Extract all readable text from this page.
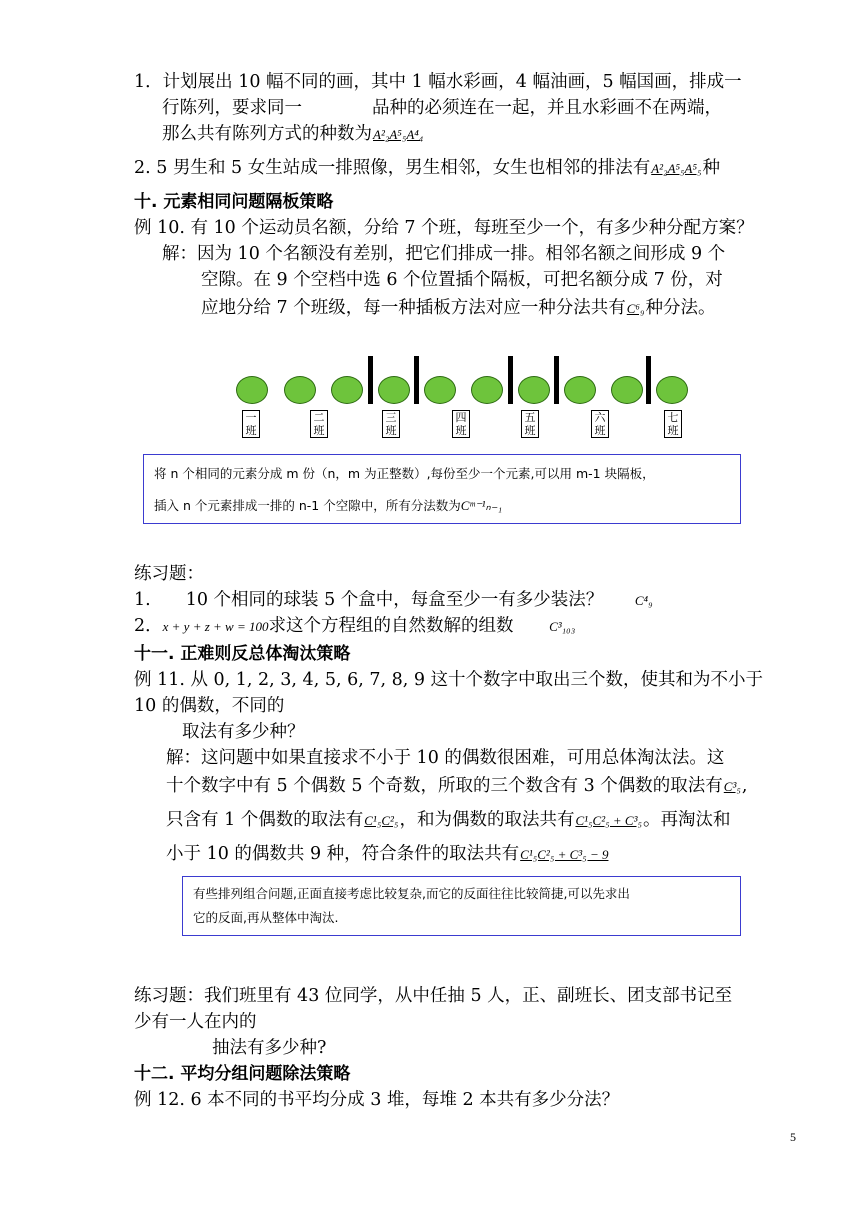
1．计划展出 10 幅不同的画，其中 1 幅水彩画，4 幅油画，5 幅国画，排成一
行陈列，要求同一　　　　品种的必须连在一起，并且水彩画不在两端，
那么共有陈列方式的种数为A²₂A⁵₅A⁴₄
2. 5 男生和 5 女生站成一排照像，男生相邻，女生也相邻的排法有A²₂A⁵₅A⁵₅种
十. 元素相同问题隔板策略
例 10. 有 10 个运动员名额，分给 7 个班，每班至少一个，有多少种分配方案？
解：因为 10 个名额没有差别，把它们排成一排。相邻名额之间形成 9 个
空隙。在 9 个空档中选 6 个位置插个隔板，可把名额分成 7 份，对
应地分给 7 个班级，每一种插板方法对应一种分法共有C⁶₉种分法。
一班
二班
三班
四班
五班
六班
七班
将 n 个相同的元素分成 m 份（n，m 为正整数）,每份至少一个元素,可以用 m-1 块隔板，
插入 n 个元素排成一排的 n-1 个空隙中，所有分法数为Cᵐ⁻¹ₙ₋₁
练习题：
1.　　10 个相同的球装 5 个盒中，每盒至少一有多少装法？ C⁴₉
2．x + y + z + w = 100求这个方程组的自然数解的组数	C³₁₀₃
十一. 正难则反总体淘汰策略
例 11. 从 0, 1, 2, 3, 4, 5, 6, 7, 8, 9 这十个数字中取出三个数，使其和为不小于
10 的偶数，不同的
取法有多少种？
解：这问题中如果直接求不小于 10 的偶数很困难，可用总体淘汰法。这
十个数字中有 5 个偶数 5 个奇数，所取的三个数含有 3 个偶数的取法有C³₅,
只含有 1 个偶数的取法有C¹₅C²₅，和为偶数的取法共有C¹₅C²₅ + C³₅。再淘汰和
小于 10 的偶数共 9 种，符合条件的取法共有C¹₅C²₅ + C³₅ − 9
有些排列组合问题,正面直接考虑比较复杂,而它的反面往往比较简捷,可以先求出
它的反面,再从整体中淘汰.
练习题：我们班里有 43 位同学，从中任抽 5 人，正、副班长、团支部书记至
少有一人在内的
抽法有多少种?
十二. 平均分组问题除法策略
例 12. 6 本不同的书平均分成 3 堆，每堆 2 本共有多少分法？
5
